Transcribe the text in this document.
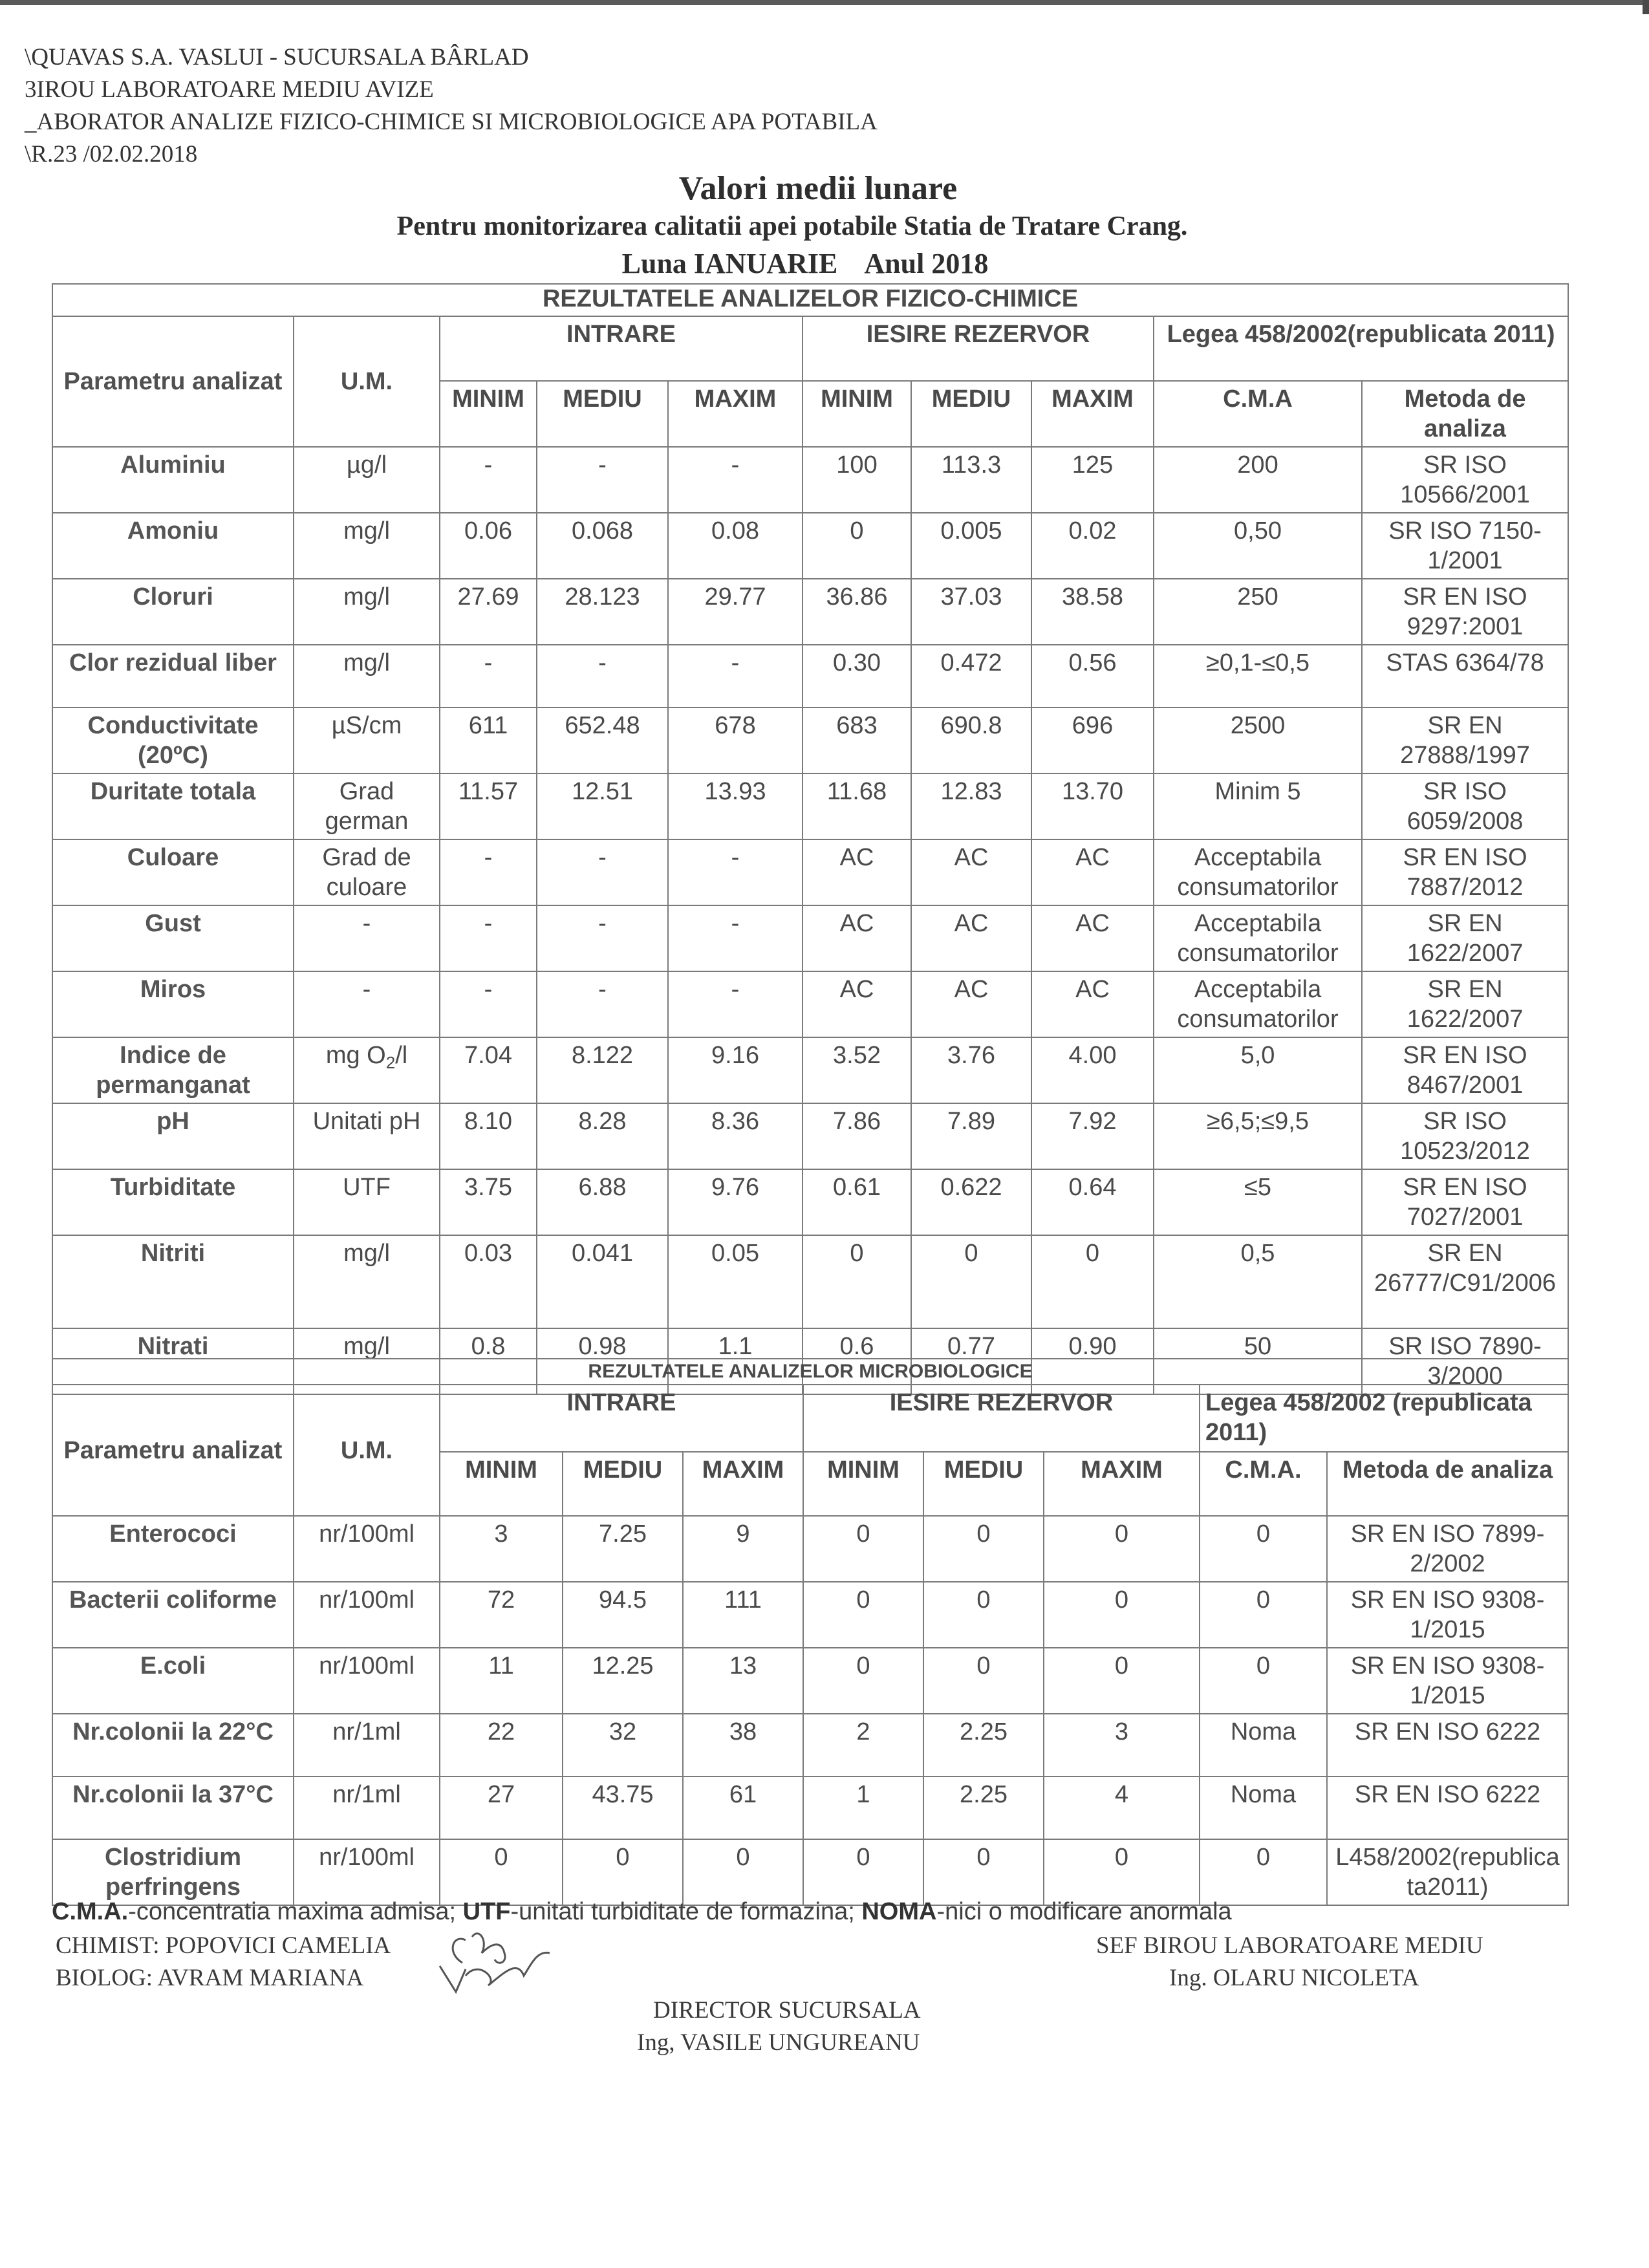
\QUAVAS S.A. VASLUI - SUCURSALA BÂRLAD
3IROU LABORATOARE MEDIU AVIZE
_ABORATOR ANALIZE FIZICO-CHIMICE SI MICROBIOLOGICE APA POTABILA
\R.23 /02.02.2018
Valori medii lunare
Pentru monitorizarea calitatii apei potabile Statia de Tratare Crang.
Luna IANUARIE Anul 2018
REZULTATELE ANALIZELOR FIZICO-CHIMICE									
Parametru analizat	U.M.	INTRARE			IESIRE REZERVOR			Legea 458/2002(republicata 2011)	
		MINIM	MEDIU	MAXIM	MINIM	MEDIU	MAXIM	C.M.A	Metoda de analiza
Aluminiu	µg/l	-	-	-	100	113.3	125	200	SR ISO 10566/2001
Amoniu	mg/l	0.06	0.068	0.08	0	0.005	0.02	0,50	SR ISO 7150-1/2001
Cloruri	mg/l	27.69	28.123	29.77	36.86	37.03	38.58	250	SR EN ISO 9297:2001
Clor rezidual liber	mg/l	-	-	-	0.30	0.472	0.56	≥0,1-≤0,5	STAS 6364/78
Conductivitate (20ºC)	µS/cm	611	652.48	678	683	690.8	696	2500	SR EN 27888/1997
Duritate totala	Grad german	11.57	12.51	13.93	11.68	12.83	13.70	Minim 5	SR ISO 6059/2008
Culoare	Grad de culoare	-	-	-	AC	AC	AC	Acceptabila consumatorilor	SR EN ISO 7887/2012
Gust	-	-	-	-	AC	AC	AC	Acceptabila consumatorilor	SR EN 1622/2007
Miros	-	-	-	-	AC	AC	AC	Acceptabila consumatorilor	SR EN 1622/2007
Indice de permanganat	mg $O_2/l$	7.04	8.122	9.16	3.52	3.76	4.00	5,0	SR EN ISO 8467/2001
pH	Unitati pH	8.10	8.28	8.36	7.86	7.89	7.92	≥6,5;≤9,5	SR ISO 10523/2012
Turbiditate	UTF	3.75	6.88	9.76	0.61	0.622	0.64	≤5	SR EN ISO 7027/2001
Nitriti	mg/l	0.03	0.041	0.05	0	0	0	0,5	SR EN 26777/C91/2006
Nitrati	mg/l	0.8	0.98	1.1	0.6	0.77	0.90	50	SR ISO 7890-3/2000
REZULTATELE ANALIZELOR MICROBIOLOGICE									
Parametru analizat	U.M.	INTRARE			IESIRE REZERVOR			Legea 458/2002 (republicata 2011)	
		MINIM	MEDIU	MAXIM	MINIM	MEDIU	MAXIM	C.M.A.	Metoda de analiza
Enterococi	nr/100ml	3	7.25	9	0	0	0	0	SR EN ISO 7899-2/2002
Bacterii coliforme	nr/100ml	72	94.5	111	0	0	0	0	SR EN ISO 9308-1/2015
E.coli	nr/100ml	11	12.25	13	0	0	0	0	SR EN ISO 9308-1/2015
Nr.colonii la 22°C	nr/1ml	22	32	38	2	2.25	3	Noma	SR EN ISO 6222
Nr.colonii la 37°C	nr/1ml	27	43.75	61	1	2.25	4	Noma	SR EN ISO 6222
Clostridium perfringens	nr/100ml	0	0	0	0	0	0	0	L458/2002(republicata2011)
C.M.A.-concentratia maxima admisa; UTF-unitati turbiditate de formazina; NOMA-nici o modificare anormala
CHIMIST: POPOVICI CAMELIA
BIOLOG: AVRAM MARIANA
SEF BIROU LABORATOARE MEDIU
Ing. OLARU NICOLETA
DIRECTOR SUCURSALA
Ing, VASILE UNGUREANU
